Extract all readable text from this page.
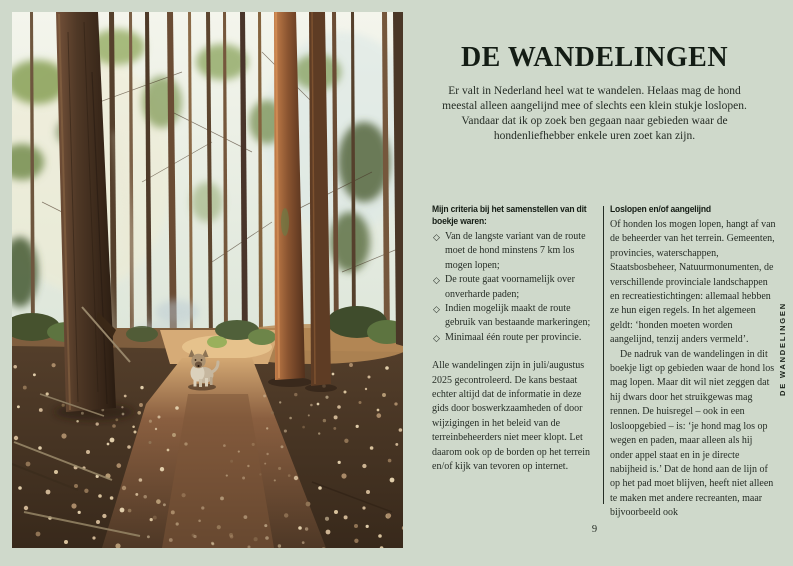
DE WANDELINGEN

Er valt in Nederland heel wat te wandelen. Helaas mag de hond meestal alleen aangelijnd mee of slechts een klein stukje loslopen. Vandaar dat ik op zoek ben gegaan naar gebieden waar de hondenliefhebber enkele uren zoet kan zijn.

Mijn criteria bij het samenstellen van dit boekje waren:
◇ Van de langste variant van de route moet de hond minstens 7 km los mogen lopen;
◇ De route gaat voornamelijk over onverharde paden;
◇ Indien mogelijk maakt de route gebruik van bestaande markeringen;
◇ Minimaal één route per provincie.

Alle wandelingen zijn in juli/augustus 2025 gecontroleerd. De kans bestaat echter altijd dat de informatie in deze gids door boswerkzaamheden of door wijzigingen in het beleid van de terreinbeheerders niet meer klopt. Let daarom ook op de borden op het terrein en/of kijk van tevoren op internet.

Loslopen en/of aangelijnd

Of honden los mogen lopen, hangt af van de beheerder van het terrein. Gemeenten, provincies, waterschappen, Staatsbosbeheer, Natuurmonumenten, de verschillende provinciale landschappen en recreatiestichtingen: allemaal hebben ze hun eigen regels. In het algemeen geldt: ‘honden moeten worden aangelijnd, tenzij anders vermeld’.

De nadruk van de wandelingen in dit boekje ligt op gebieden waar de hond los mag lopen. Maar dit wil niet zeggen dat hij dwars door het struikgewas mag rennen. De huisregel – ook in een losloopgebied – is: ‘je hond mag los op wegen en paden, maar alleen als hij onder appel staat en in je directe nabijheid is.’ Dat de hond aan de lijn of op het pad moet blijven, heeft niet alleen te maken met andere recreanten, maar bijvoorbeeld ook

9
DE WANDELINGEN
